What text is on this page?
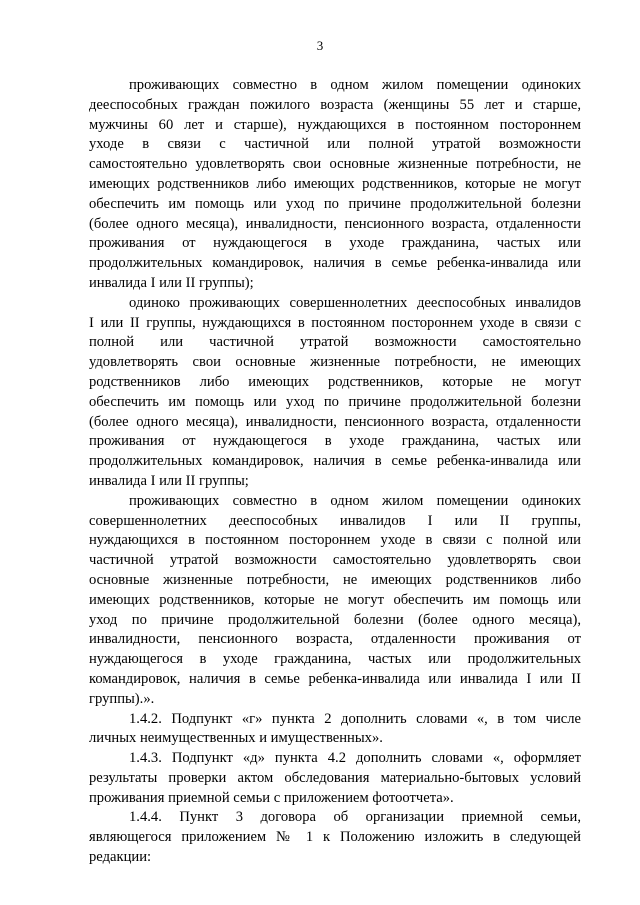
3
проживающих совместно в одном жилом помещении одиноких
дееспособных граждан пожилого возраста (женщины 55 лет и старше,
мужчины 60 лет и старше), нуждающихся в постоянном постороннем
уходе в связи с частичной или полной утратой возможности
самостоятельно удовлетворять свои основные жизненные потребности, не
имеющих родственников либо имеющих родственников, которые не могут
обеспечить им помощь или уход по причине продолжительной болезни
(более одного месяца), инвалидности, пенсионного возраста, отдаленности
проживания от нуждающегося в уходе гражданина, частых или
продолжительных командировок, наличия в семье ребенка-инвалида или
инвалида I или II группы);
одиноко проживающих совершеннолетних дееспособных инвалидов
I или II группы, нуждающихся в постоянном постороннем уходе в связи с
полной или частичной утратой возможности самостоятельно
удовлетворять свои основные жизненные потребности, не имеющих
родственников либо имеющих родственников, которые не могут
обеспечить им помощь или уход по причине продолжительной болезни
(более одного месяца), инвалидности, пенсионного возраста, отдаленности
проживания от нуждающегося в уходе гражданина, частых или
продолжительных командировок, наличия в семье ребенка-инвалида или
инвалида I или II группы;
проживающих совместно в одном жилом помещении одиноких
совершеннолетних дееспособных инвалидов I или II группы,
нуждающихся в постоянном постороннем уходе в связи с полной или
частичной утратой возможности самостоятельно удовлетворять свои
основные жизненные потребности, не имеющих родственников либо
имеющих родственников, которые не могут обеспечить им помощь или
уход по причине продолжительной болезни (более одного месяца),
инвалидности, пенсионного возраста, отдаленности проживания от
нуждающегося в уходе гражданина, частых или продолжительных
командировок, наличия в семье ребенка-инвалида или инвалида I или II
группы).».
1.4.2. Подпункт «г» пункта 2 дополнить словами «, в том числе
личных неимущественных и имущественных».
1.4.3. Подпункт «д» пункта 4.2 дополнить словами «, оформляет
результаты проверки актом обследования материально-бытовых условий
проживания приемной семьи с приложением фотоотчета».
1.4.4. Пункт 3 договора об организации приемной семьи,
являющегося приложением № 1 к Положению изложить в следующей
редакции:
